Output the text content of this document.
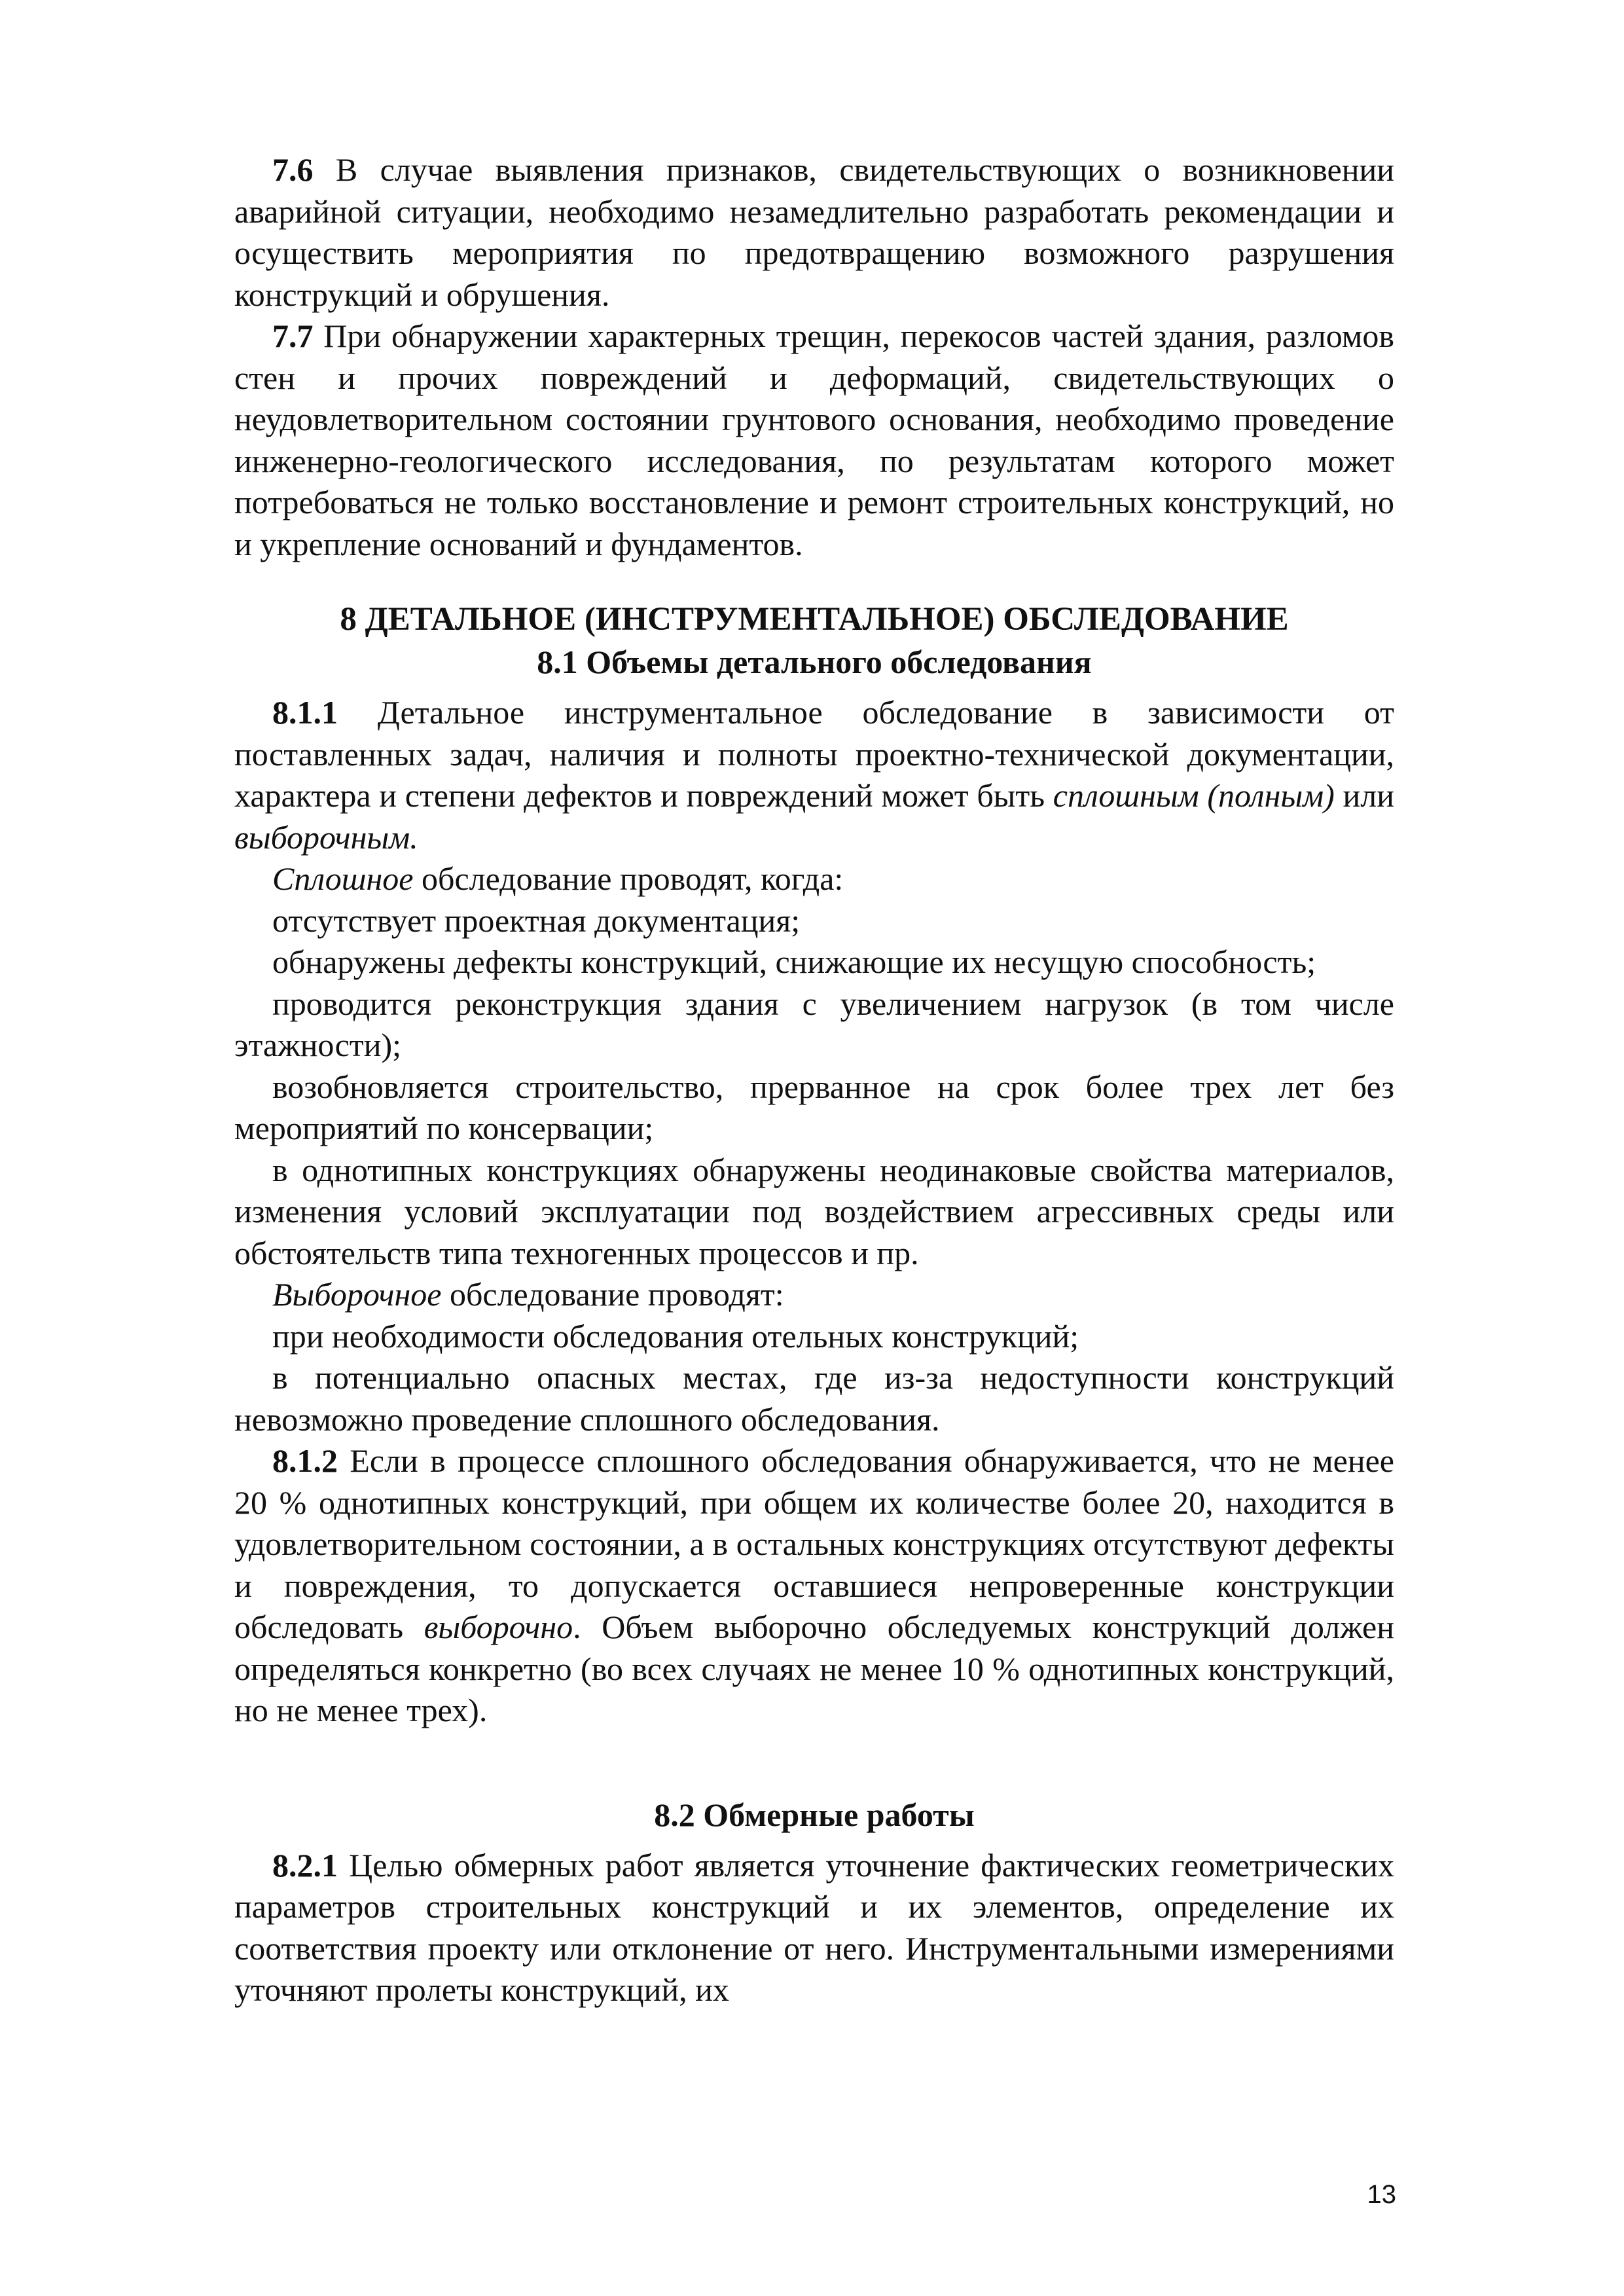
7.6 В случае выявления признаков, свидетельствующих о возникновении аварийной ситуации, необходимо незамедлительно разработать рекомендации и осуществить мероприятия по предотвращению возможного разрушения конструкций и обрушения.

7.7 При обнаружении характерных трещин, перекосов частей здания, разломов стен и прочих повреждений и деформаций, свидетельствующих о неудовлетворительном состоянии грунтового основания, необходимо проведение инженерно-геологического исследования, по результатам которого может потребоваться не только восстановление и ремонт строительных конструкций, но и укрепление оснований и фундаментов.

8 ДЕТАЛЬНОЕ (ИНСТРУМЕНТАЛЬНОЕ) ОБСЛЕДОВАНИЕ

8.1 Объемы детального обследования

8.1.1 Детальное инструментальное обследование в зависимости от поставленных задач, наличия и полноты проектно-технической документации, характера и степени дефектов и повреждений может быть сплошным (полным) или выборочным.

Сплошное обследование проводят, когда:

отсутствует проектная документация;

обнаружены дефекты конструкций, снижающие их несущую способность;

проводится реконструкция здания с увеличением нагрузок (в том числе этажности);

возобновляется строительство, прерванное на срок более трех лет без мероприятий по консервации;

в однотипных конструкциях обнаружены неодинаковые свойства материалов, изменения условий эксплуатации под воздействием агрессивных среды или обстоятельств типа техногенных процессов и пр.

Выборочное обследование проводят:

при необходимости обследования отельных конструкций;

в потенциально опасных местах, где из-за недоступности конструкций невозможно проведение сплошного обследования.

8.1.2 Если в процессе сплошного обследования обнаруживается, что не менее 20 % однотипных конструкций, при общем их количестве более 20, находится в удовлетворительном состоянии, а в остальных конструкциях отсутствуют дефекты и повреждения, то допускается оставшиеся непроверенные конструкции обследовать выборочно. Объем выборочно обследуемых конструкций должен определяться конкретно (во всех случаях не менее 10 % однотипных конструкций, но не менее трех).

8.2 Обмерные работы

8.2.1 Целью обмерных работ является уточнение фактических геометрических параметров строительных конструкций и их элементов, определение их соответствия проекту или отклонение от него. Инструментальными измерениями уточняют пролеты конструкций, их

13
